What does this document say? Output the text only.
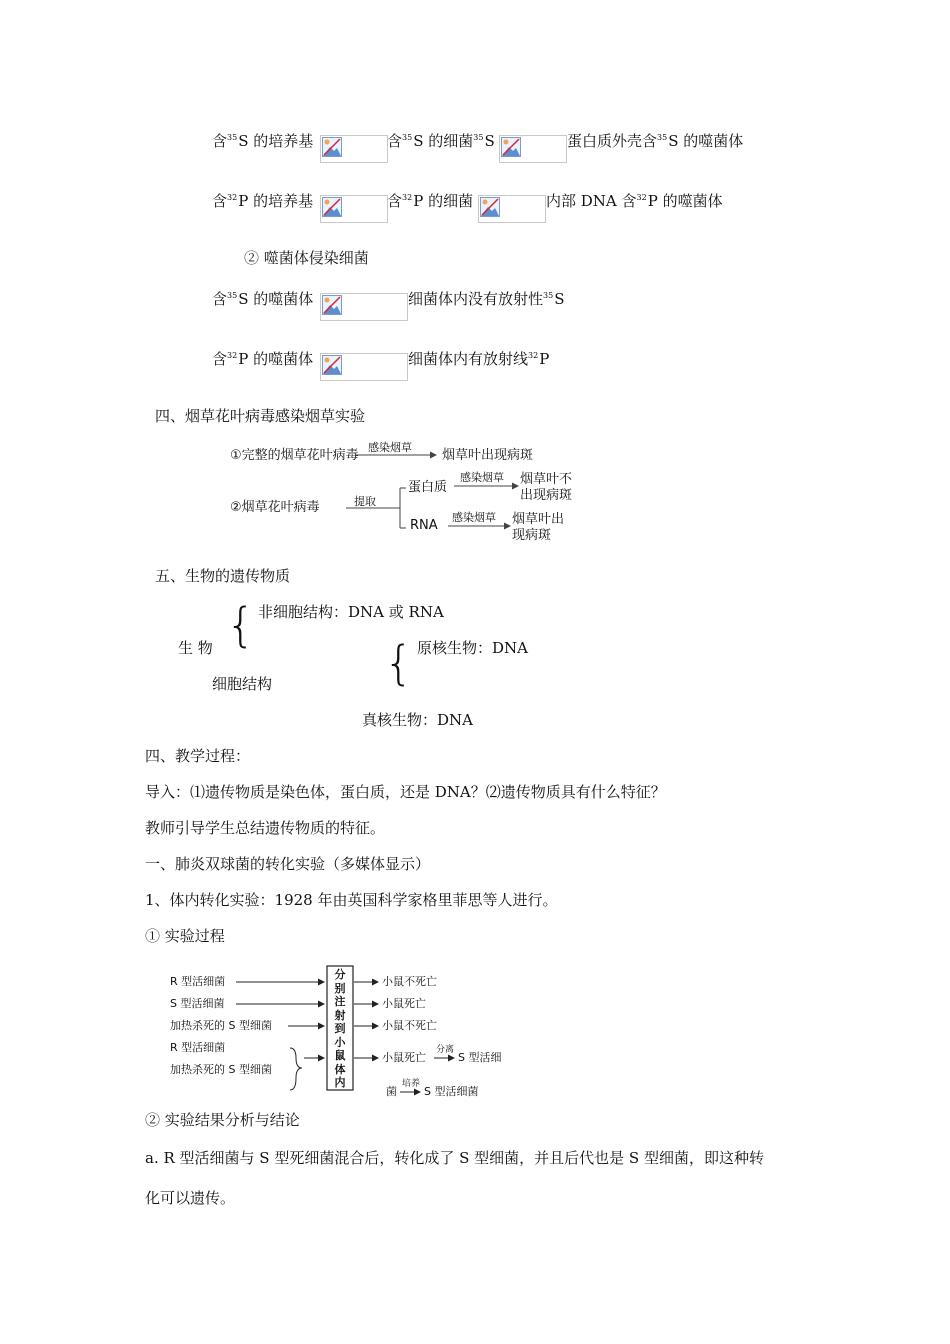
含$^{35}$S 的培养基	含$^{35}$S 的细菌$^{35}$S	蛋白质外壳含$^{35}$S 的噬菌体
含$^{32}$P 的培养基	含$^{32}$P 的细菌	内部 DNA 含$^{32}$P 的噬菌体
② 噬菌体侵染细菌
含$^{35}$S 的噬菌体	细菌体内没有放射性$^{35}$S
含$^{32}$P 的噬菌体	细菌体内有放射线$^{32}$P
四、烟草花叶病毒感染烟草实验
①完整的烟草花叶病毒
感染烟草
烟草叶出现病斑
②烟草花叶病毒	提取
蛋白质
感染烟草 烟草叶不
出现病斑
RNA
感染烟草 烟草叶出
现病斑
五、生物的遗传物质
{ 非细胞结构：DNA 或 RNA
生 物
细胞结构 { 原核生物：DNA
真核生物：DNA
四、教学过程：
导入：⑴遗传物质是染色体，蛋白质，还是 DNA？⑵遗传物质具有什么特征？
教师引导学生总结遗传物质的特征。
一、肺炎双球菌的转化实验（多媒体显示）
1、体内转化实验：1928 年由英国科学家格里菲思等人进行。
① 实验过程
R 型活细菌
S 型活细菌
加热杀死的 S 型细菌
R 型活细菌
加热杀死的 S 型细菌
分
别
注
射
到
小
鼠
体
内
小鼠不死亡
小鼠死亡
小鼠不死亡
小鼠死亡
分离
S 型活细
菌
培养
S 型活细菌
② 实验结果分析与结论
a. R 型活细菌与 S 型死细菌混合后，转化成了 S 型细菌，并且后代也是 S 型细菌，即这种转
化可以遗传。
